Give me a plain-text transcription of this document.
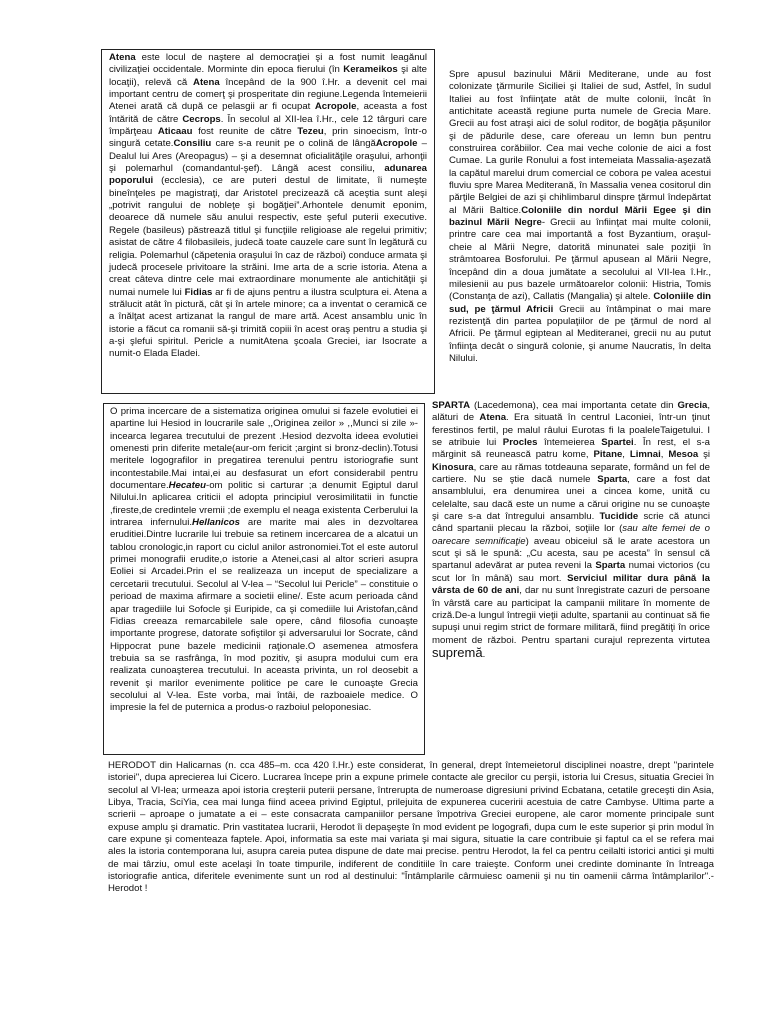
Atena este locul de naştere al democraţiei şi a fost numit leagănul civilizaţiei occidentale. Morminte din epoca fierului (în Kerameikos şi alte locaţii), relevă că Atena începând de la 900 î.Hr. a devenit cel mai important centru de comerţ şi prosperitate din regiune.Legenda întemeierii Atenei arată că după ce pelasgii ar fi ocupat Acropole, aceasta a fost întărită de către Cecrops. În secolul al XII-lea î.Hr., cele 12 târguri care împărţeau Aticaau fost reunite de către Tezeu, prin sinoecism, într-o singură cetate.Consiliu care s-a reunit pe o colină de lângăAcropole – Dealul lui Ares (Areopagus) – şi a desemnat oficialităţile oraşului, arhonţii şi polemarhul (comandantul-şef). Lângă acest consiliu, adunarea poporului (ecclesia), ce are puteri destul de limitate, îi numeşte bineînţeles pe magistraţi, dar Aristotel precizează că aceştia sunt aleşi „potrivit rangului de nobleţe şi bogăţiei”.Arhontele denumit eponim, deoarece dă numele său anului respectiv, este şeful puterii executive. Regele (basileus) păstrează titlul şi funcţiile religioase ale regelui primitiv; asistat de către 4 filobasileis, judecă toate cauzele care sunt în legătură cu religia. Polemarhul (căpetenia oraşului în caz de război) conduce armata şi judecă procesele privitoare la străini. Ime arta de a scrie istoria. Atena a creat câteva dintre cele mai extraordinare monumente ale antichităţii şi numai numele lui Fidias ar fi de ajuns pentru a ilustra sculptura ei. Atena a strălucit atât în pictură, cât şi în artele minore; ca a inventat o ceramică ce a înălţat acest artizanat la rangul de mare artă. Acest ansamblu unic în istorie a făcut ca romanii să-şi trimită copiii în acest oraş pentru a studia şi a-şi şlefui spiritul. Pericle a numitAtena şcoala Greciei, iar Isocrate a numit-o Elada Eladei.

Spre apusul bazinului Mării Mediterane, unde au fost colonizate ţărmurile Siciliei şi Italiei de sud, Astfel, în sudul Italiei au fost înfiinţate atât de multe colonii, încât în antichitate această regiune purta numele de Grecia Mare. Grecii au fost atraşi aici de solul roditor, de bogăţia păşunilor şi de pădurile dese, care ofereau un lemn bun pentru construirea corăbiilor. Cea mai veche colonie de aici a fost Cumae. La gurile Ronului a fost intemeiata Massalia-aşezată la capătul marelui drum comercial ce cobora pe valea acestui fluviu spre Marea Mediterană, în Massalia venea cositorul din părţile Belgiei de azi şi chihlimbarul dinspre ţărmul îndepărtat al Mării Baltice.Coloniile din nordul Mării Egee şi din bazinul Mării Negre- Grecii au înfiinţat mai multe colonii, printre care cea mai importantă a fost Byzantium, oraşul-cheie al Mării Negre, datorită minunatei sale poziţii în strâmtoarea Bosforului. Pe ţărmul apusean al Mării Negre, începând din a doua jumătate a secolului al VII-lea î.Hr., milesienii au pus bazele următoarelor colonii: Histria, Tomis (Constanţa de azi), Callatis (Mangalia) şi altele. Coloniile din sud, pe ţărmul Africii Grecii au întâmpinat o mai mare rezistenţă din partea populaţiilor de pe ţărmul de nord al Africii. Pe ţărmul egiptean al Mediteranei, grecii nu au putut înfiinţa decât o singură colonie, şi anume Naucratis, în delta Nilului.

O prima incercare de a sistematiza originea omului si fazele evolutiei ei apartine lui Hesiod in loucrarile sale ,,Originea zeilor » ,,Munci si zile »-incearca legarea trecutului de prezent .Hesiod dezvolta ideea evolutiei omenesti prin diferite metale(aur-om fericit ;argint si bronz-declin).Totusi meritele logografilor in pregatirea terenului pentru istoriografie sunt incontestabile.Mai intai,ei au desfasurat un efort considerabil pentru documentare.Hecateu-om politic si carturar ;a denumit Egiptul darul Nilului.In aplicarea criticii el adopta principiul verosimilitatii in functie ,fireste,de credintele vremii ;de exemplu el neaga existenta Cerberului la intrarea infernului.Hellanicos are marite mai ales in dezvoltarea eruditiei.Dintre lucrarile lui trebuie sa retinem incercarea de a alcatui un tablou cronologic,in raport cu ciclul anilor astronomiei.Tot el este autorul primei monografii erudite,o istorie a Atenei,casi al altor scrieri asupra Eoliei si Arcadei.Prin el se realizeaza un inceput de specializare a cercetarii trecutului. Secolul al V-lea – “Secolul lui Pericle” – constituie o perioad de maxima afirmare a societii eline/. Este acum perioada când apar tragediile lui Sofocle şi Euripide, ca şi comediile lui Aristofan,când Fidias creeaza remarcabilele sale opere, când filosofia cunoaşte importante progrese, datorate sofiştilor şi adversarului lor Socrate, când Hippocrat pune bazele medicinii raţionale.O asemenea atmosfera trebuia sa se rasfrânga, în mod pozitiv, şi asupra modului cum era realizata cunoaşterea trecutului. In aceasta privinta, un rol deosebit a revenit şi marilor evenimente politice pe care le cunoaşte Grecia secolului al V-lea. Este vorba, mai întâi, de razboaiele medice. O impresie la fel de puternica a produs-o razboiul peloponesiac.

SPARTA (Lacedemona), cea mai importanta cetate din Grecia, alături de Atena. Era situată în centrul Laconiei, într-un ţinut ferestinos fertil, pe malul râului Eurotas fi la poaleleTaigetului. I se atribuie lui Procles întemeierea Spartei. În rest, el s-a mărginit să reunească patru kome, Pitane, Limnai, Mesoa şi Kinosura, care au rămas totdeauna separate, formând un fel de cartiere. Nu se ştie dacă numele Sparta, care a fost dat ansamblului, era denumirea unei a cincea kome, unită cu celelalte, sau dacă este un nume a cărui origine nu se cunoaşte şi care s-a dat întregului ansamblu. Tucidide scrie că atunci când spartanii plecau la război, soţiile lor (sau alte femei de o oarecare semnificaţie) aveau obiceiul să le arate acestora un scut şi să le spună: „Cu acesta, sau pe acesta” în sensul că spartanul adevărat ar putea reveni la Sparta numai victorios (cu scut lor în mână) sau mort. Serviciul militar dura până la vârsta de 60 de ani, dar nu sunt înregistrate cazuri de persoane în vârstă care au participat la campanii militare în momente de criză.De-a lungul întregii vieţii adulte, spartanii au continuat să fie supuşi unui regim strict de formare militară, fiind pregătiţi în orice moment de război. Pentru spartani curajul reprezenta virtutea supremă.

HERODOT din Halicarnas (n. cca 485–m. cca 420 î.Hr.) este considerat, în general, drept întemeietorul disciplinei noastre, drept "parintele istoriei", dupa aprecierea lui Cicero. Lucrarea începe prin a expune primele contacte ale grecilor cu perşii, istoria lui Cresus, situatia Greciei în secolul al VI-lea; urmeaza apoi istoria creşterii puterii persane, întrerupta de numeroase digresiuni privind Ecbatana, cetatile greceşti din Asia, Libya, Tracia, SciYia, cea mai lunga fiind aceea privind Egiptul, prilejuita de expunerea cuceririi acestuia de catre Cambyse. Ultima parte a scrierii – aproape o jumatate a ei – este consacrata campaniilor persane împotriva Greciei europene, ale caror momente principale sunt expuse amplu şi dramatic. Prin vastitatea lucrarii, Herodot îi depaşeşte în mod evident pe logografi, dupa cum le este superior şi prin modul în care expune şi comenteaza faptele. Apoi, informatia sa este mai variata şi mai sigura, situatie la care contribuie şi faptul ca el se refera mai ales la istoria contemporana lui, asupra careia putea dispune de date mai precise. pentru Herodot, la fel ca pentru ceilalti istorici antici şi multi de mai târziu, omul este acelaşi în toate timpurile, indiferent de conditiile în care traieşte. Conform unei credinte dominante în întreaga istoriografie antica, diferitele evenimente sunt un rod al destinului: "Întâmplarile cârmuiesc oamenii şi nu tin oamenii cârma întâmplarilor".-Herodot !
